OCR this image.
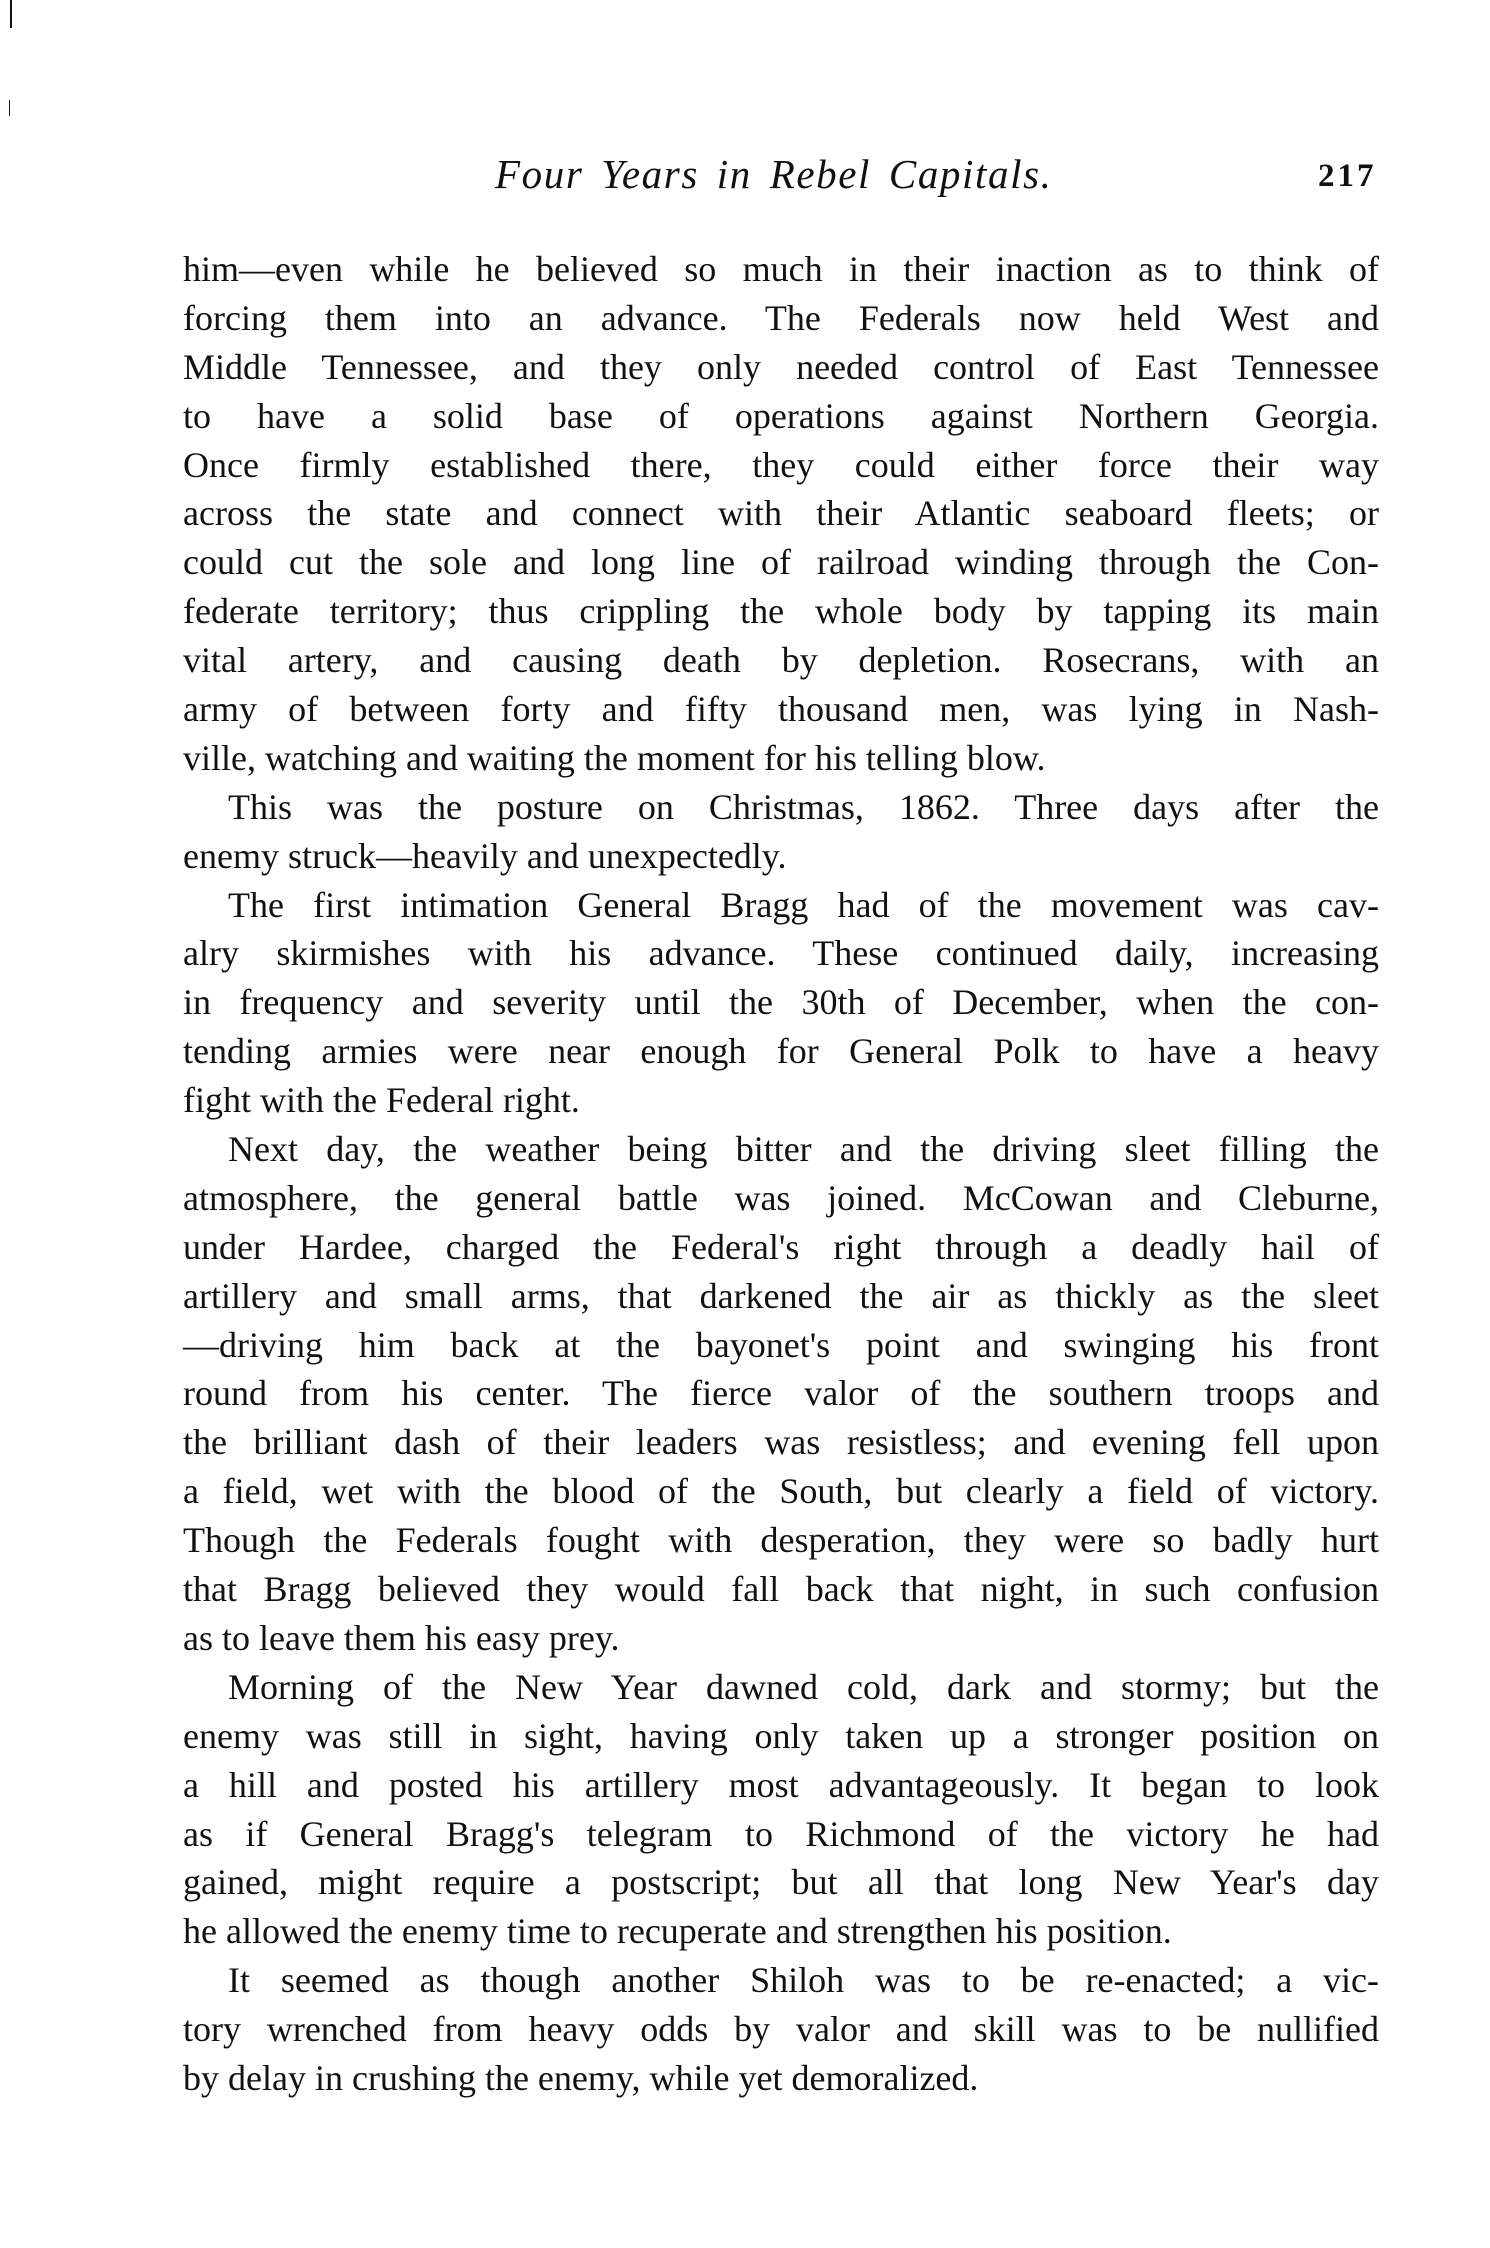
Four Years in Rebel Capitals.	217
him—even while he believed so much in their inaction as to think of
forcing them into an advance. The Federals now held West and
Middle Tennessee, and they only needed control of East Tennessee
to have a solid base of operations against Northern Georgia.
Once firmly established there, they could either force their way
across the state and connect with their Atlantic seaboard fleets; or
could cut the sole and long line of railroad winding through the Con-
federate territory; thus crippling the whole body by tapping its main
vital artery, and causing death by depletion. Rosecrans, with an
army of between forty and fifty thousand men, was lying in Nash-
ville, watching and waiting the moment for his telling blow.
This was the posture on Christmas, 1862. Three days after the
enemy struck—heavily and unexpectedly.
The first intimation General Bragg had of the movement was cav-
alry skirmishes with his advance. These continued daily, increasing
in frequency and severity until the 30th of December, when the con-
tending armies were near enough for General Polk to have a heavy
fight with the Federal right.
Next day, the weather being bitter and the driving sleet filling the
atmosphere, the general battle was joined. McCowan and Cleburne,
under Hardee, charged the Federal's right through a deadly hail of
artillery and small arms, that darkened the air as thickly as the sleet
—driving him back at the bayonet's point and swinging his front
round from his center. The fierce valor of the southern troops and
the brilliant dash of their leaders was resistless; and evening fell upon
a field, wet with the blood of the South, but clearly a field of victory.
Though the Federals fought with desperation, they were so badly hurt
that Bragg believed they would fall back that night, in such confusion
as to leave them his easy prey.
Morning of the New Year dawned cold, dark and stormy; but the
enemy was still in sight, having only taken up a stronger position on
a hill and posted his artillery most advantageously. It began to look
as if General Bragg's telegram to Richmond of the victory he had
gained, might require a postscript; but all that long New Year's day
he allowed the enemy time to recuperate and strengthen his position.
It seemed as though another Shiloh was to be re-enacted; a vic-
tory wrenched from heavy odds by valor and skill was to be nullified
by delay in crushing the enemy, while yet demoralized.
